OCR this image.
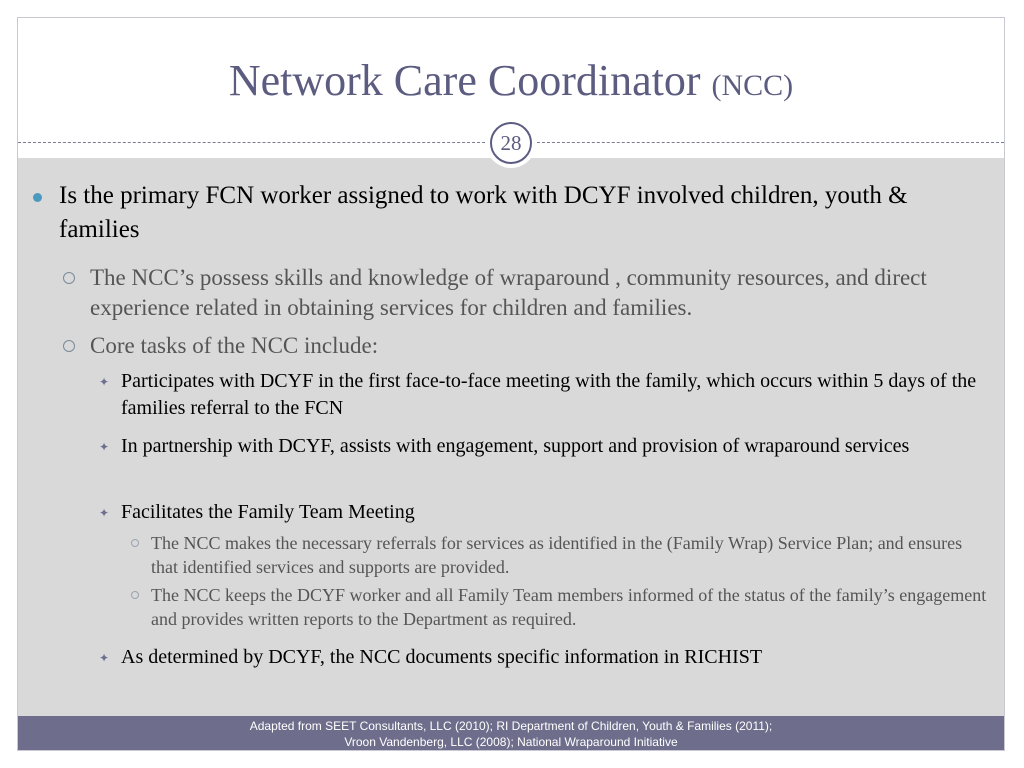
Network Care Coordinator (NCC)
28
Is the primary FCN worker assigned to work with DCYF involved children, youth & families
The NCC’s possess skills and knowledge of wraparound , community resources, and direct experience related in obtaining services for children and families.
Core tasks of the NCC include:
✦ Participates with DCYF in the first face-to-face meeting with the family, which occurs within 5 days of the families referral to the FCN
✦ In partnership with DCYF, assists with engagement, support and provision of wraparound services
✦ Facilitates the Family Team Meeting
The NCC makes the necessary referrals for services as identified in the (Family Wrap) Service Plan; and ensures that identified services and supports are provided.
The NCC keeps the DCYF worker and all Family Team members informed of the status of the family’s engagement and provides written reports to the Department as required.
✦ As determined by DCYF, the NCC documents specific information in RICHIST
Adapted from SEET Consultants, LLC (2010); RI Department of Children, Youth & Families (2011);
Vroon Vandenberg, LLC (2008); National Wraparound Initiative
